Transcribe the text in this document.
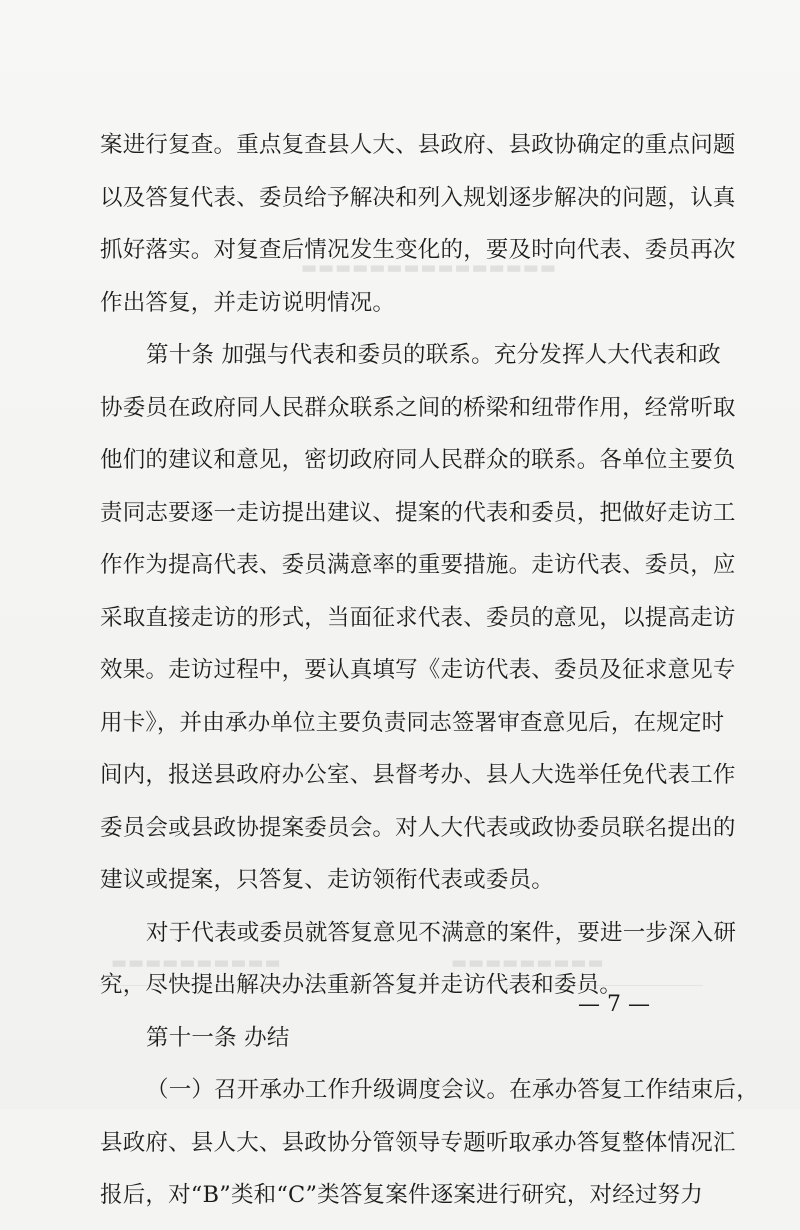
▬▬▬▬▬▬▬▬▬▬▬▬▬▬▬
▬▬▬▬▬▬▬▬▬
▬▬▬▬▬▬▬▬▬▬
案进行复查。重点复查县人大、县政府、县政协确定的重点问题
以及答复代表、委员给予解决和列入规划逐步解决的问题，认真
抓好落实。对复查后情况发生变化的，要及时向代表、委员再次
作出答复，并走访说明情况。
第十条 加强与代表和委员的联系。充分发挥人大代表和政
协委员在政府同人民群众联系之间的桥梁和纽带作用，经常听取
他们的建议和意见，密切政府同人民群众的联系。各单位主要负
责同志要逐一走访提出建议、提案的代表和委员，把做好走访工
作作为提高代表、委员满意率的重要措施。走访代表、委员，应
采取直接走访的形式，当面征求代表、委员的意见，以提高走访
效果。走访过程中，要认真填写《走访代表、委员及征求意见专
用卡》，并由承办单位主要负责同志签署审查意见后，在规定时
间内，报送县政府办公室、县督考办、县人大选举任免代表工作
委员会或县政协提案委员会。对人大代表或政协委员联名提出的
建议或提案，只答复、走访领衔代表或委员。
对于代表或委员就答复意见不满意的案件，要进一步深入研
究，尽快提出解决办法重新答复并走访代表和委员。
第十一条 办结
（一）召开承办工作升级调度会议。在承办答复工作结束后，
县政府、县人大、县政协分管领导专题听取承办答复整体情况汇
报后，对“B”类和“C”类答复案件逐案进行研究，对经过努力
— 7 —
